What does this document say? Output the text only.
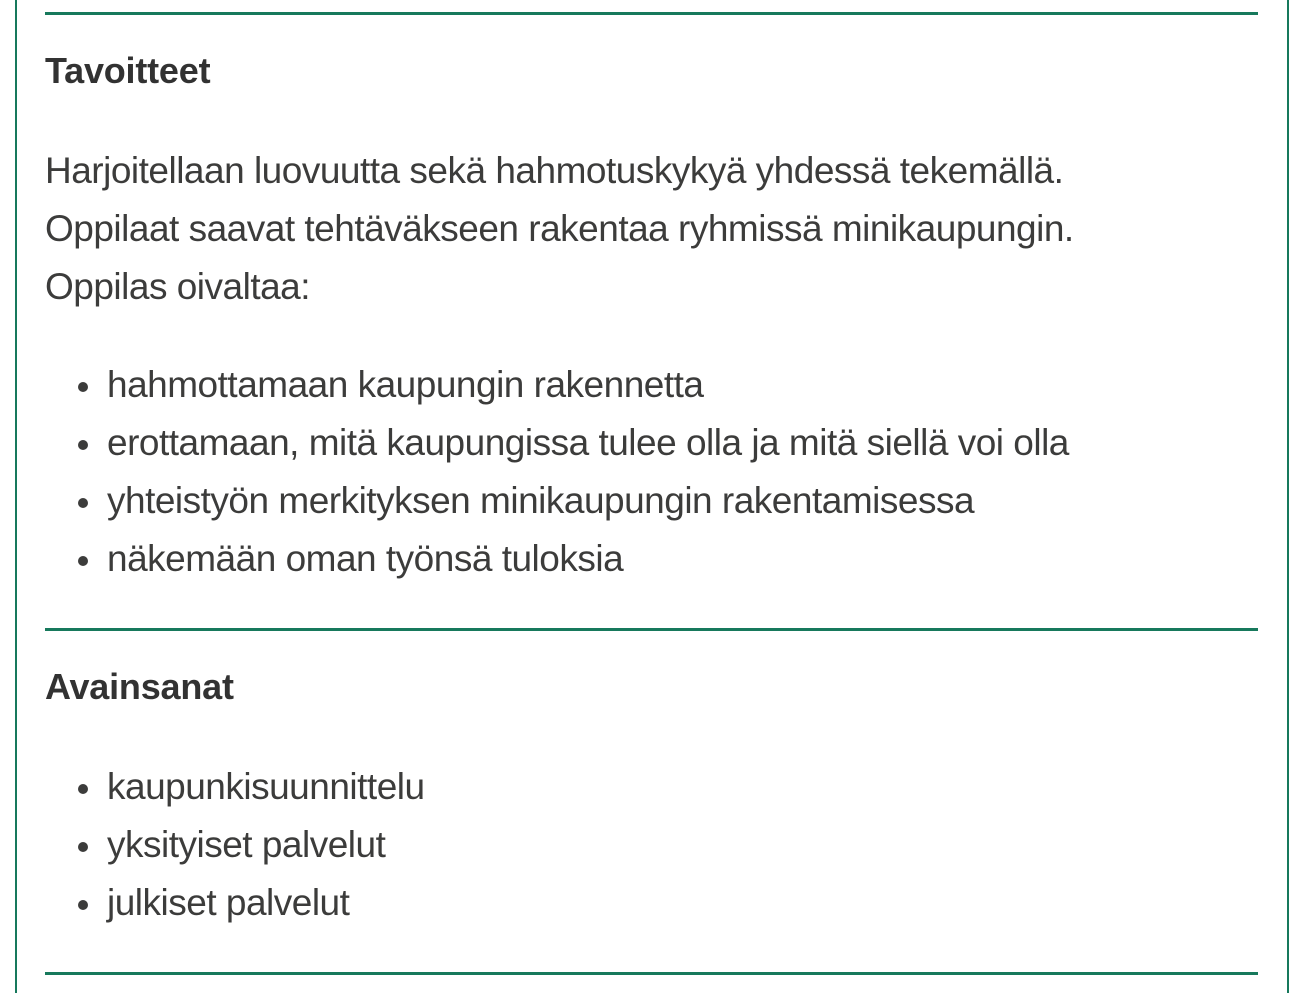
Tavoitteet

Harjoitellaan luovuutta sekä hahmotuskykyä yhdessä tekemällä.
Oppilaat saavat tehtäväkseen rakentaa ryhmissä minikaupungin.
Oppilas oivaltaa:

• hahmottamaan kaupungin rakennetta
• erottamaan, mitä kaupungissa tulee olla ja mitä siellä voi olla
• yhteistyön merkityksen minikaupungin rakentamisessa
• näkemään oman työnsä tuloksia
Avainsanat
• kaupunkisuunnittelu
• yksityiset palvelut
• julkiset palvelut
